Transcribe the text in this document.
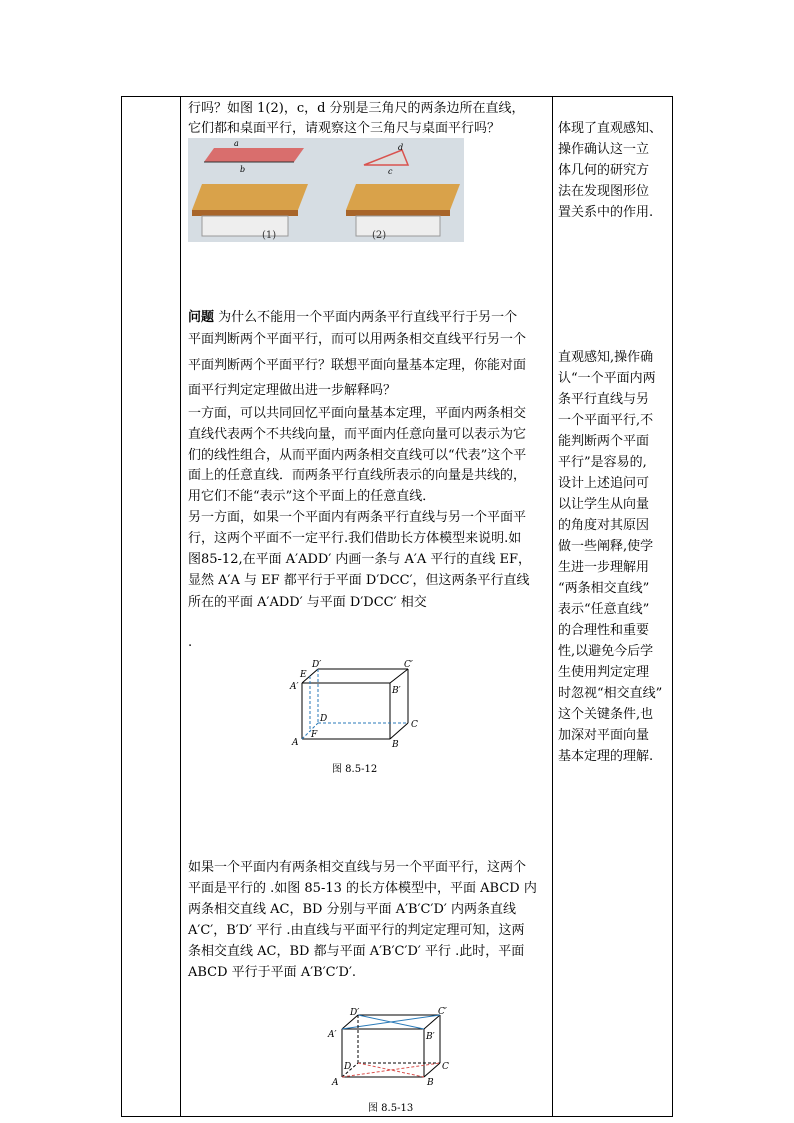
行吗？如图 1(2)，c，d 分别是三角尺的两条边所在直线，
它们都和桌面平行，请观察这个三角尺与桌面平行吗？
a
b
d
c
(1)	(2)
体现了直观感知、
操作确认这一立
体几何的研究方
法在发现图形位
置关系中的作用.
问题 为什么不能用一个平面内两条平行直线平行于另一个
平面判断两个平面平行，而可以用两条相交直线平行另一个
平面判断两个平面平行？联想平面向量基本定理，你能对面
面平行判定定理做出进一步解释吗？
一方面，可以共同回忆平面向量基本定理，平面内两条相交
直线代表两个不共线向量，而平面内任意向量可以表示为它
们的线性组合，从而平面内两条相交直线可以“代表”这个平
面上的任意直线．而两条平行直线所表示的向量是共线的，
用它们不能“表示”这个平面上的任意直线．
另一方面，如果一个平面内有两条平行直线与另一个平面平
行，这两个平面不一定平行.我们借助长方体模型来说明.如
图85-12,在平面 A′ADD′ 内画一条与 A′A 平行的直线 EF，
显然 A′A 与 EF 都平行于平面 D′DCC′，但这两条平行直线
所在的平面 A′ADD′ 与平面 D′DCC′ 相交
.
直观感知,操作确
认“一个平面内两
条平行直线与另
一个平面平行,不
能判断两个平面
平行”是容易的,
设计上述追问可
以让学生从向量
的角度对其原因
做一些阐释,使学
生进一步理解用
“两条相交直线”
表示“任意直线”
的合理性和重要
性,以避免今后学
生使用判定定理
时忽视“相交直线”
这个关键条件,也
加深对平面向量
基本定理的理解.
D′	C′
E
A′	B′
D
C
F
A	B
图 8.5-12
如果一个平面内有两条相交直线与另一个平面平行，这两个
平面是平行的 .如图 85-13 的长方体模型中，平面 ABCD 内
两条相交直线 AC，BD 分别与平面 A′B′C′D′ 内两条直线
A′C′，B′D′ 平行 .由直线与平面平行的判定定理可知，这两
条相交直线 AC，BD 都与平面 A′B′C′D′ 平行 .此时，平面
ABCD 平行于平面 A′B′C′D′.
D′	C′
A′	B′
D	C
A	B
图 8.5-13
